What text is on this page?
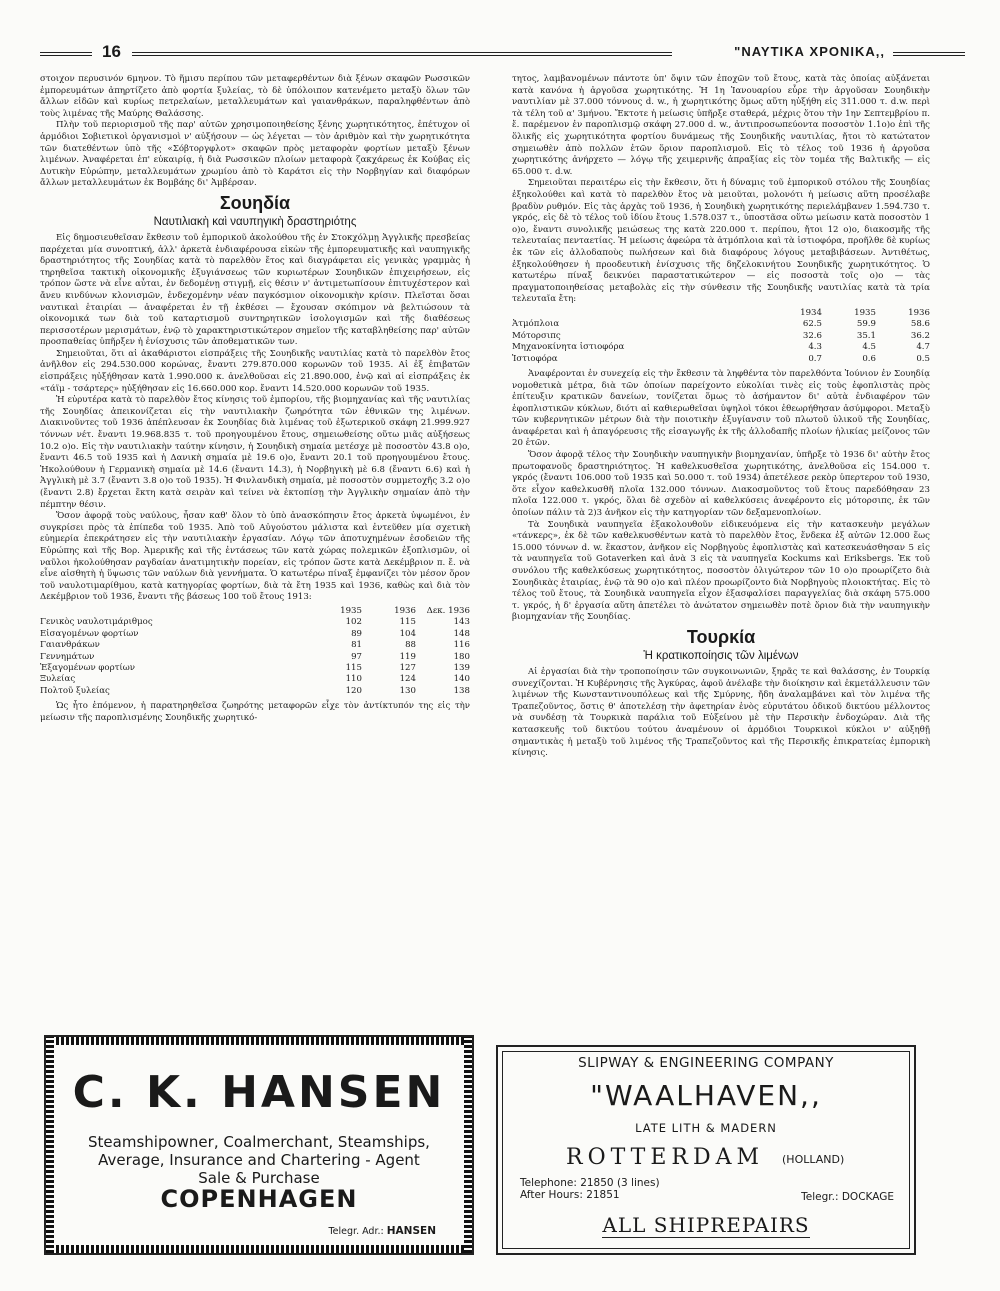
16	"ΝΑΥΤΙΚΑ ΧΡΟΝΙΚΑ,,

στοιχον περυσινόν 6μηνον. Τὸ ἥμισυ περίπου τῶν μεταφερθέντων διὰ ξένων σκαφῶν Ρωσσικῶν ἐμπορευμάτων ἀπηρτίζετο ἀπὸ φορτία ξυλείας, τὸ δὲ ὑπόλοιπον κατενέμετο μεταξὺ ὅλων τῶν ἄλλων εἰδῶν καὶ κυρίως πετρελαίων, μεταλλευμάτων καὶ γαιανθράκων, παραληφθέντων ἀπὸ τοὺς λιμένας τῆς Μαύρης Θαλάσσης.

Πλὴν τοῦ περιορισμοῦ τῆς παρ' αὐτῶν χρησιμοποιηθείσης ξένης χωρητικότητος, ἐπέτυχον οἱ ἁρμόδιοι Σοβιετικοὶ ὀργανισμοὶ ν' αὐξήσουν — ὡς λέγεται — τὸν ἀριθμὸν καὶ τὴν χωρητικότητα τῶν διατεθέντων ὑπὸ τῆς «Σόβτοργφλοτ» σκαφῶν πρὸς μεταφορὰν φορτίων μεταξὺ ξένων λιμένων. Ἀναφέρεται ἐπ' εὐκαιρίᾳ, ἡ διὰ Ρωσσικῶν πλοίων μεταφορὰ ζακχάρεως ἐκ Κούβας εἰς Δυτικὴν Εὐρώπην, μεταλλευμάτων χρωμίου ἀπὸ τὸ Καράτσι εἰς τὴν Νορβηγίαν καὶ διαφόρων ἄλλων μεταλλευμάτων ἐκ Βομβάης δι' Ἀμβέρσαν.

Σουηδία
Ναυτιλιακὴ καὶ ναυπηγικὴ δραστηριότης

Εἰς δημοσιευθεῖσαν ἔκθεσιν τοῦ ἐμπορικοῦ ἀκολούθου τῆς ἐν Στοκχόλμῃ Ἀγγλικῆς πρεσβείας παρέχεται μία συνοπτική, ἀλλ' ἀρκετὰ ἐνδιαφέρουσα εἰκὼν τῆς ἐμπορευματικῆς καὶ ναυπηγικῆς δραστηριότητος τῆς Σουηδίας κατὰ τὸ παρελθὸν ἔτος καὶ διαγράφεται εἰς γενικὰς γραμμὰς ἡ τηρηθεῖσα τακτικὴ οἰκονομικῆς ἐξυγιάνσεως τῶν κυριωτέρων Σουηδικῶν ἐπιχειρήσεων, εἰς τρόπον ὥστε νὰ εἶνε αὗται, ἐν δεδομένῃ στιγμῇ, εἰς θέσιν ν' ἀντιμετωπίσουν ἐπιτυχέστερον καὶ ἄνευ κινδύνων κλονισμῶν, ἐνδεχομένην νέαν παγκόσμιον οἰκονομικὴν κρίσιν. Πλεῖσται ὅσαι ναυτικαὶ ἑταιρίαι — ἀναφέρεται ἐν τῇ ἐκθέσει — ἔχουσαν σκόπιμον νὰ βελτιώσουν τὰ οἰκονομικά των διὰ τοῦ καταρτισμοῦ συντηρητικῶν ἰσολογισμῶν καὶ τῆς διαθέσεως περισσοτέρων μερισμάτων, ἐνῷ τὸ χαρακτηριστικώτερον σημεῖον τῆς καταβληθείσης παρ' αὐτῶν προσπαθείας ὑπῆρξεν ἡ ἐνίσχυσις τῶν ἀποθεματικῶν των.

Σημειοῦται, ὅτι αἱ ἀκαθάριστοι εἰσπράξεις τῆς Σουηδικῆς ναυτιλίας κατὰ τὸ παρελθὸν ἔτος ἀνῆλθον εἰς 294.530.000 κορώνας, ἔναντι 279.870.000 κορωνῶν τοῦ 1935. Αἱ ἐξ ἐπιβατῶν εἰσπράξεις ηὐξήθησαν κατὰ 1.990.000 κ. ἀνελθοῦσαι εἰς 21.890.000, ἐνῷ καὶ αἱ εἰσπράξεις ἐκ «τάϊμ - τσάρτερς» ηὐξήθησαν εἰς 16.660.000 κορ. ἔναντι 14.520.000 κορωνῶν τοῦ 1935.

Ἡ εὐρυτέρα κατὰ τὸ παρελθὸν ἔτος κίνησις τοῦ ἐμπορίου, τῆς βιομηχανίας καὶ τῆς ναυτιλίας τῆς Σουηδίας ἀπεικονίζεται εἰς τὴν ναυτιλιακὴν ζωηρότητα τῶν ἐθνικῶν της λιμένων. Διακινοῦντες τοῦ 1936 ἀπέπλευσαν ἐκ Σουηδίας διὰ λιμένας τοῦ ἐξωτερικοῦ σκάφη 21.999.927 τόννων νέτ. ἔναντι 19.968.835 τ. τοῦ προηγουμένου ἔτους, σημειωθείσης οὕτω μιᾶς αὐξήσεως 10.2 ο)ο. Εἰς τὴν ναυτιλιακὴν ταύτην κίνησιν, ἡ Σουηδικὴ σημαία μετέσχε μὲ ποσοστὸν 43.8 ο)ο, ἔναντι 46.5 τοῦ 1935 καὶ ἡ Δανικὴ σημαία μὲ 19.6 ο)ο, ἔναντι 20.1 τοῦ προηγουμένου ἔτους. Ἠκολούθουν ἡ Γερμανικὴ σημαία μὲ 14.6 (ἔναντι 14.3), ἡ Νορβηγικὴ μὲ 6.8 (ἔναντι 6.6) καὶ ἡ Ἀγγλικὴ μὲ 3.7 (ἔναντι 3.8 ο)ο τοῦ 1935). Ἡ Φινλανδικὴ σημαία, μὲ ποσοστὸν συμμετοχῆς 3.2 ο)ο (ἔναντι 2.8) ἔρχεται ἕκτη κατὰ σειρὰν καὶ τείνει νὰ ἐκτοπίσῃ τὴν Ἀγγλικὴν σημαίαν ἀπὸ τὴν πέμπτην θέσιν.

Ὅσον ἀφορᾷ τοὺς ναύλους, ἦσαν καθ' ὅλον τὸ ὑπὸ ἀνασκόπησιν ἔτος ἀρκετὰ ὑψωμένοι, ἐν συγκρίσει πρὸς τὰ ἐπίπεδα τοῦ 1935. Ἀπὸ τοῦ Αὐγούστου μάλιστα καὶ ἐντεῦθεν μία σχετικὴ εὐημερία ἐπεκράτησεν εἰς τὴν ναυτιλιακὴν ἐργασίαν. Λόγῳ τῶν ἀποτυχημένων ἐσοδειῶν τῆς Εὐρώπης καὶ τῆς Βορ. Ἀμερικῆς καὶ τῆς ἐντάσεως τῶν κατὰ χώρας πολεμικῶν ἐξοπλισμῶν, οἱ ναῦλοι ἠκολούθησαν ραγδαίαν ἀνατιμητικὴν πορείαν, εἰς τρόπον ὥστε κατὰ Δεκέμβριον π. ἔ. νὰ εἶνε αἰσθητὴ ἡ ὕψωσις τῶν ναύλων διὰ γεννήματα. Ὁ κατωτέρω πίναξ ἐμφανίζει τὸν μέσον ὅρον τοῦ ναυλοτιμαρίθμου, κατὰ κατηγορίας φορτίων, διὰ τὰ ἔτη 1935 καὶ 1936, καθὼς καὶ διὰ τὸν Δεκέμβριον τοῦ 1936, ἔναντι τῆς βάσεως 100 τοῦ ἔτους 1913:

	1935	1936	Δεκ. 1936
Γενικὸς ναυλοτιμάριθμος	102	115	143
Εἰσαγομένων φορτίων	89	104	148
Γαιανθράκων	81	88	116
Γεννημάτων	97	119	180
Ἐξαγομένων φορτίων	115	127	139
Ξυλείας	110	124	140
Πολτοῦ ξυλείας	120	130	138

Ὡς ἦτο ἑπόμενον, ἡ παρατηρηθεῖσα ζωηρότης μεταφορῶν εἶχε τὸν ἀντίκτυπόν της εἰς τὴν μείωσιν τῆς παροπλισμένης Σουηδικῆς χωρητικό-

τητος, λαμβανομένων πάντοτε ὑπ' ὄψιν τῶν ἐποχῶν τοῦ ἔτους, κατὰ τὰς ὁποίας αὐξάνεται κατὰ κανόνα ἡ ἀργοῦσα χωρητικότης. Ἡ 1η Ἰανουαρίου εὗρε τὴν ἀργοῦσαν Σουηδικὴν ναυτιλίαν μὲ 37.000 τόννους d. w., ἡ χωρητικότης ὅμως αὕτη ηὐξήθη εἰς 311.000 τ. d.w. περὶ τὰ τέλη τοῦ α' 3μήνου. Ἔκτοτε ἡ μείωσις ὑπῆρξε σταθερά, μέχρις ὅτου τὴν 1ην Σεπτεμβρίου π. ἔ. παρέμενον ἐν παροπλισμῷ σκάφη 27.000 d. w., ἀντιπροσωπεύοντα ποσοστὸν 1.1ο)ο ἐπὶ τῆς ὅλικῆς εἰς χωρητικότητα φορτίου δυνάμεως τῆς Σουηδικῆς ναυτιλίας, ἤτοι τὸ κατώτατον σημειωθὲν ἀπὸ πολλῶν ἐτῶν ὅριον παροπλισμοῦ. Εἰς τὸ τέλος τοῦ 1936 ἡ ἀργοῦσα χωρητικότης ἀνήρχετο — λόγῳ τῆς χειμερινῆς ἀπραξίας εἰς τὸν τομέα τῆς Βαλτικῆς — εἰς 65.000 τ. d.w.

Σημειοῦται περαιτέρω εἰς τὴν ἔκθεσιν, ὅτι ἡ δύναμις τοῦ ἐμπορικοῦ στόλου τῆς Σουηδίας ἐξηκολούθει καὶ κατὰ τὸ παρελθὸν ἔτος νὰ μειοῦται, μολονότι ἡ μείωσις αὕτη προσέλαβε βραδὺν ρυθμόν. Εἰς τὰς ἀρχὰς τοῦ 1936, ἡ Σουηδικὴ χωρητικότης περιελάμβανεν 1.594.730 τ. γκρός, εἰς δὲ τὸ τέλος τοῦ ἰδίου ἔτους 1.578.037 τ., ὑποστᾶσα οὕτω μείωσιν κατὰ ποσοστὸν 1 ο)ο, ἔναντι συνολικῆς μειώσεως της κατὰ 220.000 τ. περίπου, ἤτοι 12 ο)ο, διακοσμῆς τῆς τελευταίας πενταετίας. Ἡ μείωσις ἀφεώρα τὰ ἀτμόπλοια καὶ τὰ ἱστιοφόρα, προῆλθε δὲ κυρίως ἐκ τῶν εἰς ἀλλοδαποὺς πωλήσεων καὶ διὰ διαφόρους λόγους μεταβιβάσεων. Ἀντιθέτως, ἐξηκολούθησεν ἡ προοδευτικὴ ἐνίσχυσις τῆς δηζελοκινήτου Σουηδικῆς χωρητικότητος. Ὁ κατωτέρω πίναξ δεικνύει παραστατικώτερον — εἰς ποσοστὰ τοῖς ο)ο — τὰς πραγματοποιηθείσας μεταβολὰς εἰς τὴν σύνθεσιν τῆς Σουηδικῆς ναυτιλίας κατὰ τὰ τρία τελευταῖα ἔτη:

	1934	1935	1936
Ἀτμόπλοια	62.5	59.9	58.6
Μότορσιπς	32.6	35.1	36.2
Μηχανοκίνητα ἱστιοφόρα	4.3	4.5	4.7
Ἱστιοφόρα	0.7	0.6	0.5

Ἀναφέρονται ἐν συνεχείᾳ εἰς τὴν ἔκθεσιν τὰ ληφθέντα τὸν παρελθόντα Ἰούνιον ἐν Σουηδίᾳ νομοθετικὰ μέτρα, διὰ τῶν ὁποίων παρείχοντο εὐκολίαι τινὲς εἰς τοὺς ἐφοπλιστὰς πρὸς ἐπίτευξιν κρατικῶν δανείων, τονίζεται ὅμως τὸ ἀσήμαντον δι' αὐτὰ ἐνδιαφέρον τῶν ἐφοπλιστικῶν κύκλων, διότι αἱ καθιερωθεῖσαι ὑψηλοὶ τόκοι ἐθεωρήθησαν ἀσύμφοροι. Μεταξὺ τῶν κυβερνητικῶν μέτρων διὰ τὴν ποιοτικὴν ἐξυγίανσιν τοῦ πλωτοῦ ὑλικοῦ τῆς Σουηδίας, ἀναφέρεται καὶ ἡ ἀπαγόρευσις τῆς εἰσαγωγῆς ἐκ τῆς ἀλλοδαπῆς πλοίων ἡλικίας μείζονος τῶν 20 ἐτῶν.

Ὅσον ἀφορᾷ τέλος τὴν Σουηδικὴν ναυπηγικὴν βιομηχανίαν, ὑπῆρξε τὸ 1936 δι' αὐτὴν ἔτος πρωτοφανοῦς δραστηριότητος. Ἡ καθελκυσθεῖσα χωρητικότης, ἀνελθοῦσα εἰς 154.000 τ. γκρός (ἔναντι 106.000 τοῦ 1935 καὶ 50.000 τ. τοῦ 1934) ἀπετέλεσε ρεκὸρ ὑπερτερον τοῦ 1930, ὅτε εἶχον καθελκυσθῆ πλοῖα 132.000 τόννων. Διακοσμοῦντος τοῦ ἔτους παρεδόθησαν 23 πλοῖα 122.000 τ. γκρός, ὅλαι δὲ σχεδὸν αἱ καθελκύσεις ἀνεφέροντο εἰς μότορσιπς, ἐκ τῶν ὁποίων πάλιν τὰ 2)3 ἀνῆκον εἰς τὴν κατηγορίαν τῶν δεξαμενοπλοίων.

Τὰ Σουηδικὰ ναυπηγεῖα ἐξακολουθοῦν εἰδικευόμενα εἰς τὴν κατασκευὴν μεγάλων «τάνκερς», ἐκ δὲ τῶν καθελκυσθέντων κατὰ τὸ παρελθὸν ἔτος, ἕνδεκα ἐξ αὐτῶν 12.000 ἕως 15.000 τόννων d. w. ἕκαστον, ἀνῆκον εἰς Νορβηγοὺς ἐφοπλιστὰς καὶ κατεσκευάσθησαν 5 εἰς τὰ ναυπηγεῖα τοῦ Gotaverken καὶ ἀνὰ 3 εἰς τὰ ναυπηγεῖα Kockums καὶ Eriksbergs. Ἐκ τοῦ συνόλου τῆς καθελκύσεως χωρητικότητος, ποσοστὸν ὀλιγώτερον τῶν 10 ο)ο προωρίζετο διὰ Σουηδικὰς ἑταιρίας, ἐνῷ τὰ 90 ο)ο καὶ πλέον προωρίζοντο διὰ Νορβηγοὺς πλοιοκτήτας. Εἰς τὸ τέλος τοῦ ἔτους, τὰ Σουηδικὰ ναυπηγεῖα εἶχον ἐξασφαλίσει παραγγελίας διὰ σκάφη 575.000 τ. γκρός, ἡ δ' ἐργασία αὕτη ἀπετέλει τὸ ἀνώτατον σημειωθὲν ποτὲ ὅριον διὰ τὴν ναυπηγικὴν βιομηχανίαν τῆς Σουηδίας.

Τουρκία
Ἡ κρατικοποίησις τῶν λιμένων

Αἱ ἐργασίαι διὰ τὴν τροποποίησιν τῶν συγκοινωνιῶν, ξηρᾶς τε καὶ θαλάσσης, ἐν Τουρκίᾳ συνεχίζονται. Ἡ Κυβέρνησις τῆς Ἀγκύρας, ἀφοῦ ἀνέλαβε τὴν διοίκησιν καὶ ἐκμετάλλευσιν τῶν λιμένων τῆς Κωνσταντινουπόλεως καὶ τῆς Σμύρνης, ἤδη ἀναλαμβάνει καὶ τὸν λιμένα τῆς Τραπεζοῦντος, ὅστις θ' ἀποτελέσῃ τὴν ἀφετηρίαν ἑνὸς εὐρυτάτου ὁδικοῦ δικτύου μέλλοντος νὰ συνδέσῃ τὰ Τουρκικὰ παράλια τοῦ Εὐξείνου μὲ τὴν Περσικὴν ἐνδοχώραν. Διὰ τῆς κατασκευῆς τοῦ δικτύου τούτου ἀναμένουν οἱ ἁρμόδιοι Τουρκικοὶ κύκλοι ν' αὐξηθῇ σημαντικὰς ἡ μεταξὺ τοῦ λιμένος τῆς Τραπεζοῦντος καὶ τῆς Περσικῆς ἐπικρατείας ἐμπορικὴ κίνησις.

C. K. HANSEN
Steamshipowner, Coalmerchant, Steamships,
Average, Insurance and Chartering - Agent
Sale & Purchase
COPENHAGEN
Telegr. Adr.: HANSEN
SLIPWAY & ENGINEERING COMPANY
"WAALHAVEN,,
LATE LITH & MADERN
ROTTERDAM (HOLLAND)
Telephone: 21850 (3 lines)
After Hours: 21851	Telegr.: DOCKAGE
ALL SHIPREPAIRS
